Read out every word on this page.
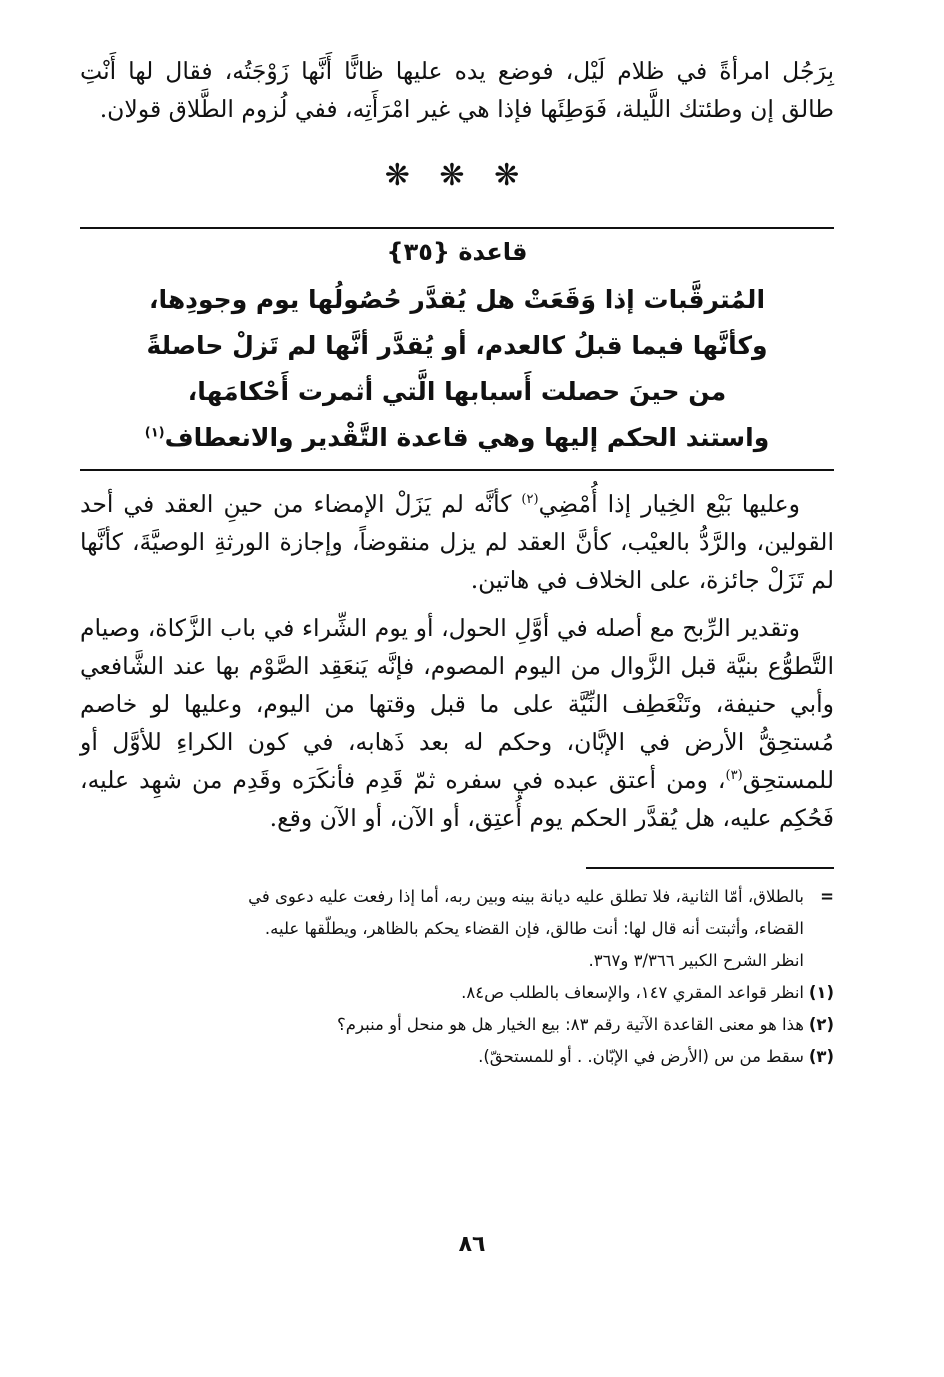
بِرَجُل امرأةً في ظلام لَيْل، فوضع يده عليها ظانًّا أَنَّها زَوْجَتُه، فقال لها أَنْتِ طالق إن وطئتك اللَّيلة، فَوَطِئَها فإذا هي غير امْرَأَتِه، ففي لُزوم الطَّلاق قولان.

❋ ❋ ❋
قاعدة {٣٥}
المُترقَّبات إذا وَقَعَتْ هل يُقدَّر حُصُولُها يوم وجودِها،
وكأنَّها فيما قبلُ كالعدم، أو يُقدَّر أنَّها لم تَزلْ حاصلةً
من حينَ حصلت أَسبابها الَّتي أثمرت أَحْكامَها،
واستند الحكم إليها وهي قاعدة التَّقْدير والانعطاف$^{(١)}$

وعليها بَيْع الخِيار إذا أُمْضِي$^{(٢)}$ كأنَّه لم يَزَلْ الإمضاء من حينِ العقد في أحد القولين، والرَّدُّ بالعيْب، كأنَّ العقد لم يزل منقوضاً، وإجازة الورثةِ الوصيَّةَ، كأنَّها لم تَزَلْ جائزة، على الخلاف في هاتين.

وتقدير الرِّبح مع أصله في أوَّلِ الحول، أو يوم الشِّراء في باب الزَّكاة، وصيام التَّطوُّع بنيَّة قبل الزَّوال من اليوم المصوم، فإنَّه يَنعَقِد الصَّوْم بها عند الشَّافعي وأبي حنيفة، وتَنْعَطِف النِّيَّة على ما قبل وقتها من اليوم، وعليها لو خاصم مُستحِقُّ الأرض في الإبَّان، وحكم له بعد ذَهابه، في كون الكراءِ للأوَّل أو للمستحِق$^{(٣)}$، ومن أعتق عبده في سفره ثمّ قَدِم فأنكَرَه وقَدِم من شهِد عليه، فَحُكِم عليه، هل يُقدَّر الحكم يوم أُعتِق، أو الآن، أو الآن وقع.

=بالطلاق، أمّا الثانية، فلا تطلق عليه ديانة بينه وبين ربه، أما إذا رفعت عليه دعوى في

القضاء، وأثبتت أنه قال لها: أنت طالق، فإن القضاء يحكم بالظاهر، ويطلّقها عليه.

انظر الشرح الكبير ٣/٣٦٦ و٣٦٧.

(١)انظر قواعد المقري ١٤٧، والإسعاف بالطلب ص٨٤.

(٢)هذا هو معنى القاعدة الآتية رقم ٨٣: بيع الخيار هل هو منحل أو منبرم؟

(٣)سقط من س (الأرض في الإبّان. . أو للمستحقّ).

٨٦
